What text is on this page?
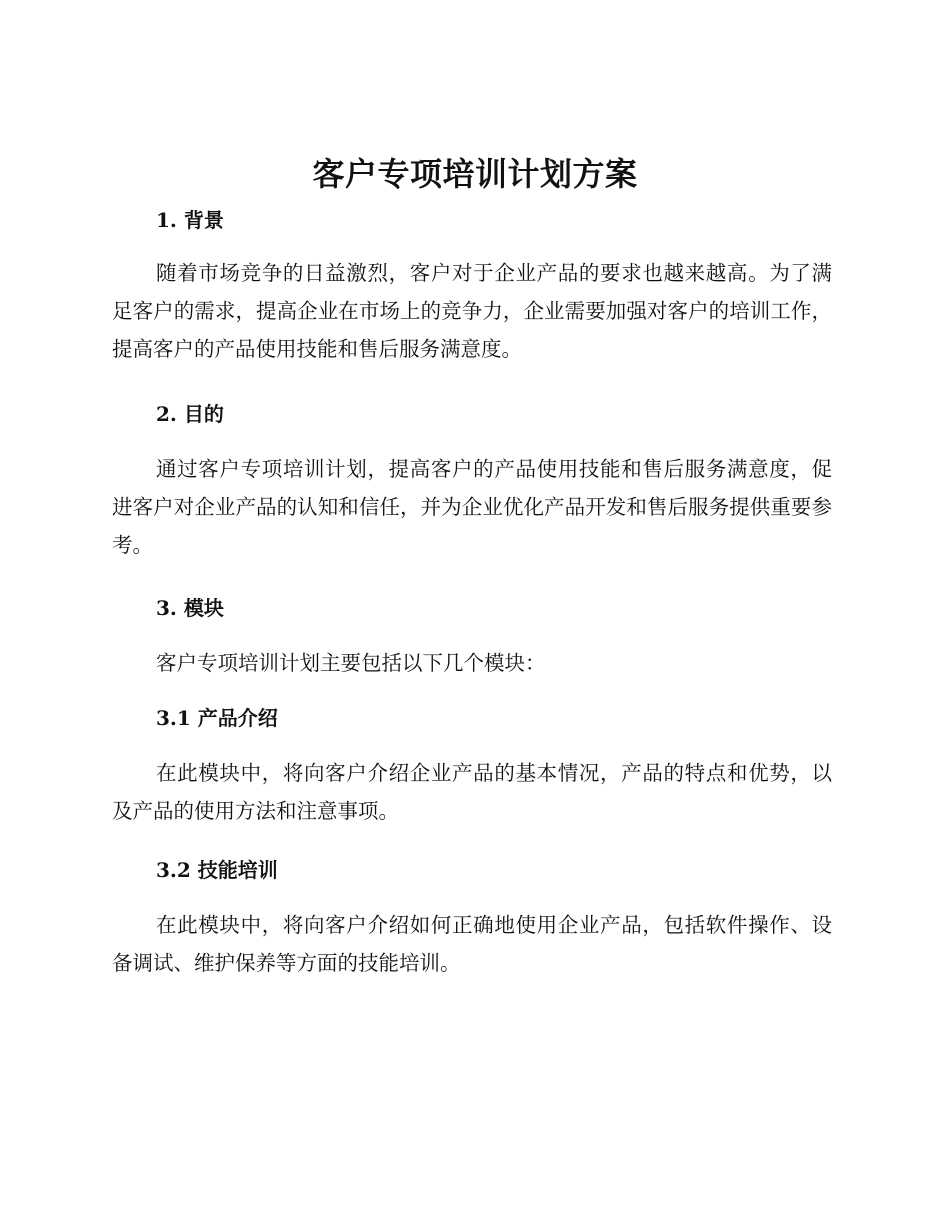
客户专项培训计划方案
1. 背景

随着市场竞争的日益激烈，客户对于企业产品的要求也越来越高。为了满足客户的需求，提高企业在市场上的竞争力，企业需要加强对客户的培训工作，提高客户的产品使用技能和售后服务满意度。

2. 目的

通过客户专项培训计划，提高客户的产品使用技能和售后服务满意度，促进客户对企业产品的认知和信任，并为企业优化产品开发和售后服务提供重要参考。

3. 模块

客户专项培训计划主要包括以下几个模块：

3.1 产品介绍

在此模块中，将向客户介绍企业产品的基本情况，产品的特点和优势，以及产品的使用方法和注意事项。

3.2 技能培训

在此模块中，将向客户介绍如何正确地使用企业产品，包括软件操作、设备调试、维护保养等方面的技能培训。
